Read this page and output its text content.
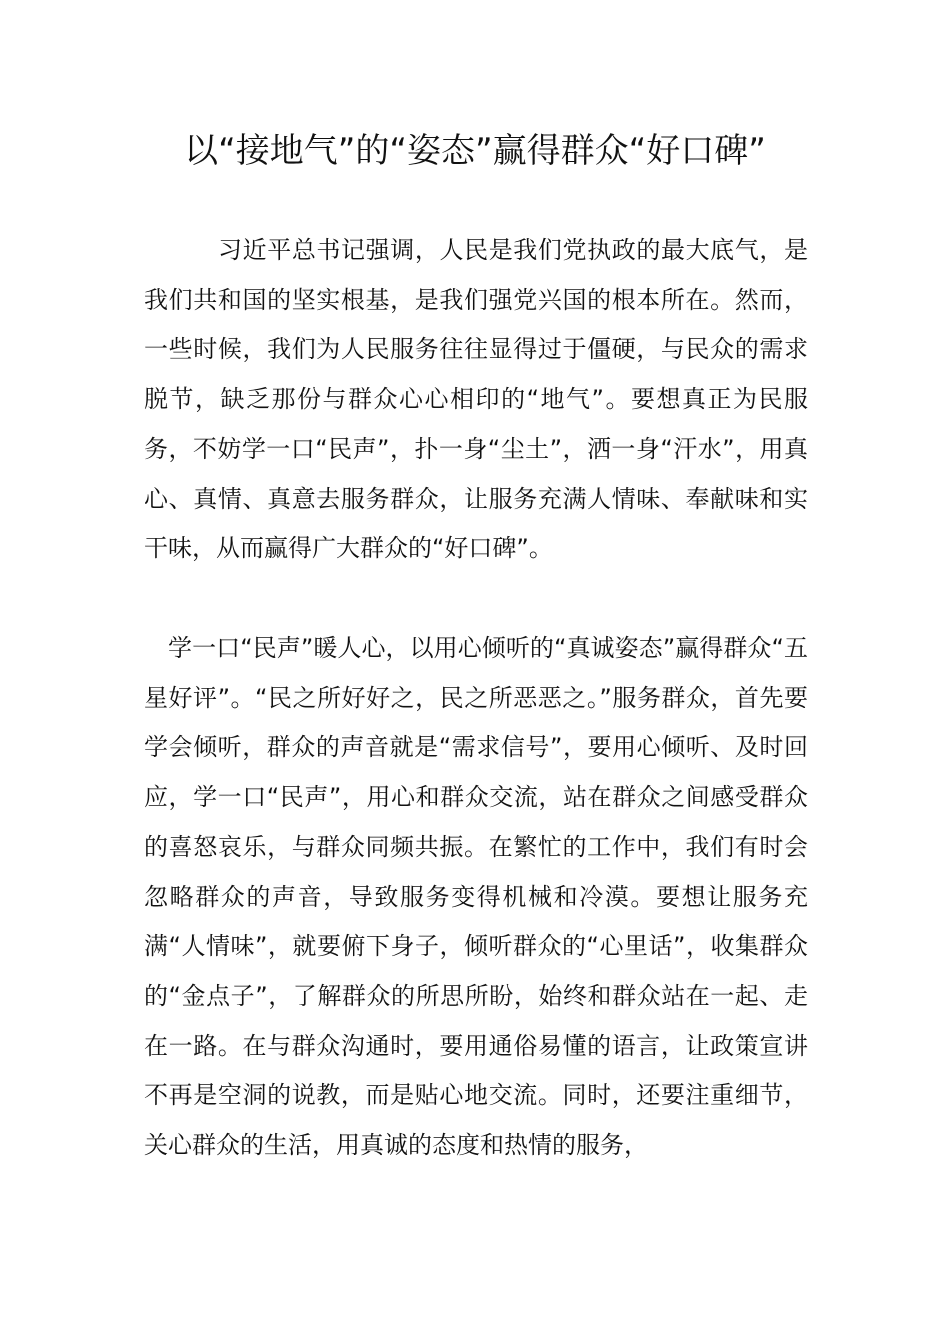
以“接地气”的“姿态”赢得群众“好口碑”

习近平总书记强调，人民是我们党执政的最大底气，是我们共和国的坚实根基，是我们强党兴国的根本所在。然而，一些时候，我们为人民服务往往显得过于僵硬，与民众的需求脱节，缺乏那份与群众心心相印的“地气”。要想真正为民服务，不妨学一口“民声”，扑一身“尘土”，洒一身“汗水”，用真心、真情、真意去服务群众，让服务充满人情味、奉献味和实干味，从而赢得广大群众的“好口碑”。

学一口“民声”暖人心，以用心倾听的“真诚姿态”赢得群众“五星好评”。“民之所好好之，民之所恶恶之。”服务群众，首先要学会倾听，群众的声音就是“需求信号”，要用心倾听、及时回应，学一口“民声”，用心和群众交流，站在群众之间感受群众的喜怒哀乐，与群众同频共振。在繁忙的工作中，我们有时会忽略群众的声音，导致服务变得机械和冷漠。要想让服务充满“人情味”，就要俯下身子，倾听群众的“心里话”，收集群众的“金点子”，了解群众的所思所盼，始终和群众站在一起、走在一路。在与群众沟通时，要用通俗易懂的语言，让政策宣讲不再是空洞的说教，而是贴心地交流。同时，还要注重细节，关心群众的生活，用真诚的态度和热情的服务，
